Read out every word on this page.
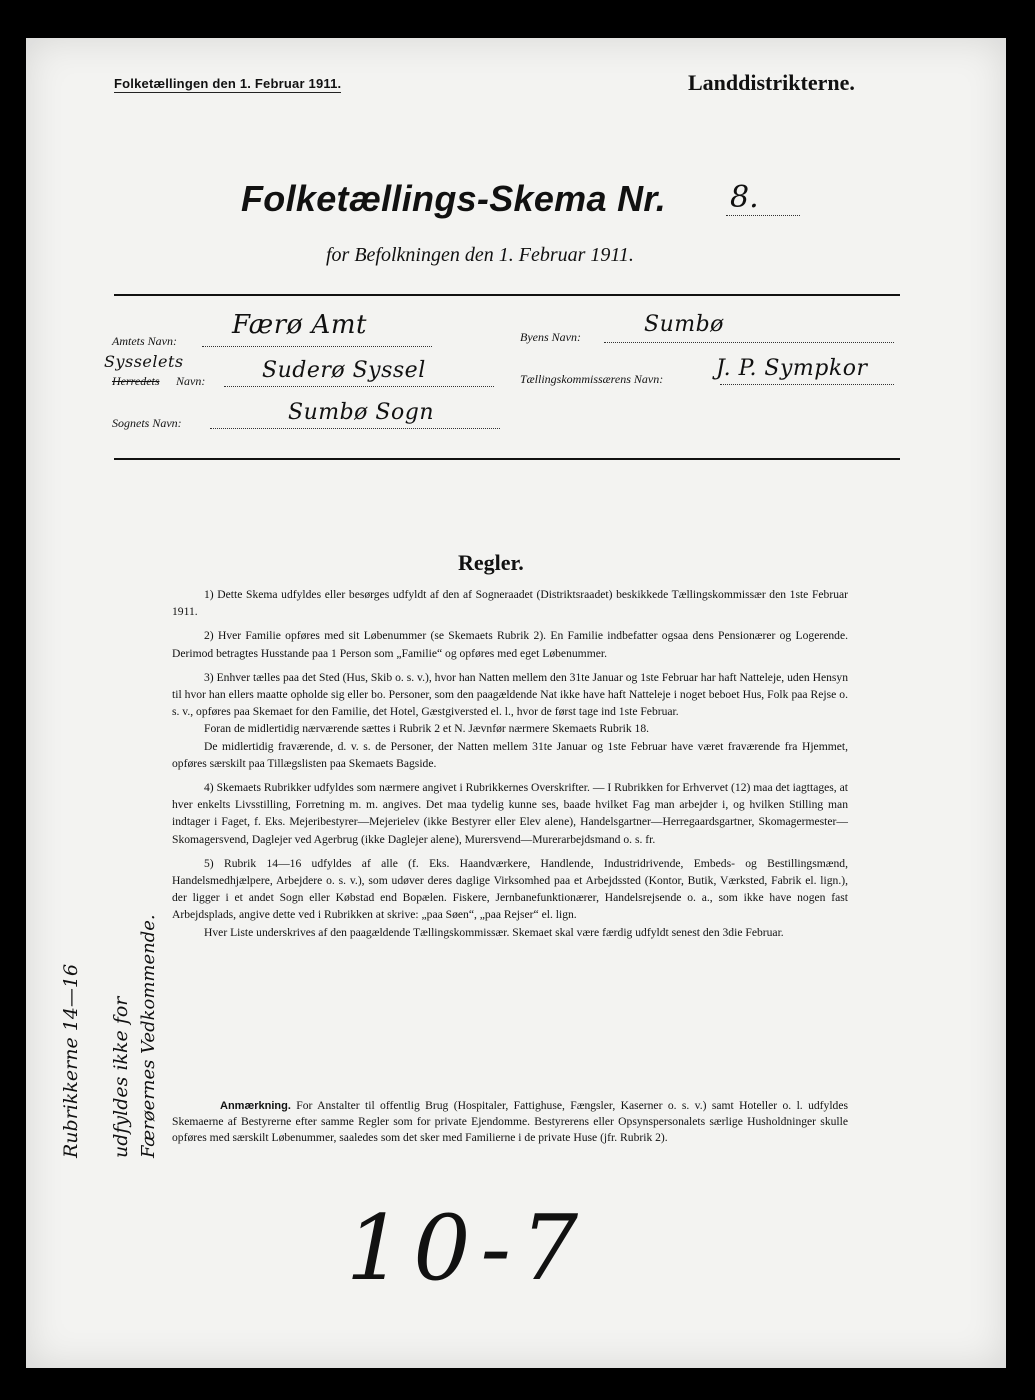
Folketællingen den 1. Februar 1911.	Landdistrikterne.
Folketællings-Skema Nr. 8.
for Befolkningen den 1. Februar 1911.
Amtets Navn:
Færø Amt
Sysselets
Herredets Navn:	Suderø Syssel
Sognets Navn:	Sumbø Sogn
Byens Navn:	Sumbø
Tællingskommissærens Navn: J. P. Sympkor
Regler.

1) Dette Skema udfyldes eller besørges udfyldt af den af Sogneraadet (Distriktsraadet) beskikkede Tællingskommissær den 1ste Februar 1911.

2) Hver Familie opføres med sit Løbenummer (se Skemaets Rubrik 2). En Familie indbefatter ogsaa dens Pensionærer og Logerende. Derimod betragtes Husstande paa 1 Person som „Familie“ og opføres med eget Løbenummer.

3) Enhver tælles paa det Sted (Hus, Skib o. s. v.), hvor han Natten mellem den 31te Januar og 1ste Februar har haft Natteleje, uden Hensyn til hvor han ellers maatte opholde sig eller bo. Personer, som den paagældende Nat ikke have haft Natteleje i noget beboet Hus, Folk paa Rejse o. s. v., opføres paa Skemaet for den Familie, det Hotel, Gæstgiversted el. l., hvor de først tage ind 1ste Februar.

Foran de midlertidig nærværende sættes i Rubrik 2 et N. Jævnfør nærmere Skemaets Rubrik 18.

De midlertidig fraværende, d. v. s. de Personer, der Natten mellem 31te Januar og 1ste Februar have været fraværende fra Hjemmet, opføres særskilt paa Tillægslisten paa Skemaets Bagside.

4) Skemaets Rubrikker udfyldes som nærmere angivet i Rubrikkernes Overskrifter. — I Rubrikken for Erhvervet (12) maa det iagttages, at hver enkelts Livsstilling, Forretning m. m. angives. Det maa tydelig kunne ses, baade hvilket Fag man arbejder i, og hvilken Stilling man indtager i Faget, f. Eks. Mejeribestyrer—Mejerielev (ikke Bestyrer eller Elev alene), Handelsgartner—Herregaardsgartner, Skomagermester—Skomagersvend, Daglejer ved Agerbrug (ikke Daglejer alene), Murersvend—Murerarbejdsmand o. s. fr.

5) Rubrik 14—16 udfyldes af alle (f. Eks. Haandværkere, Handlende, Industridrivende, Embeds- og Bestillingsmænd, Handelsmedhjælpere, Arbejdere o. s. v.), som udøver deres daglige Virksomhed paa et Arbejdssted (Kontor, Butik, Værksted, Fabrik el. lign.), der ligger i et andet Sogn eller Købstad end Bopælen. Fiskere, Jernbanefunktionærer, Handelsrejsende o. a., som ikke have nogen fast Arbejdsplads, angive dette ved i Rubrikken at skrive: „paa Søen“, „paa Rejser“ el. lign.

Hver Liste underskrives af den paagældende Tællingskommissær. Skemaet skal være færdig udfyldt senest den 3die Februar.

Anmærkning. For Anstalter til offentlig Brug (Hospitaler, Fattighuse, Fængsler, Kaserner o. s. v.) samt Hoteller o. l. udfyldes Skemaerne af Bestyrerne efter samme Regler som for private Ejendomme. Bestyrerens eller Opsynspersonalets særlige Husholdninger skulle opføres med særskilt Løbenummer, saaledes som det sker med Familierne i de private Huse (jfr. Rubrik 2).
Rubrikkerne 14—16 udfyldes ikke for Færøernes Vedkommende.
10-7
